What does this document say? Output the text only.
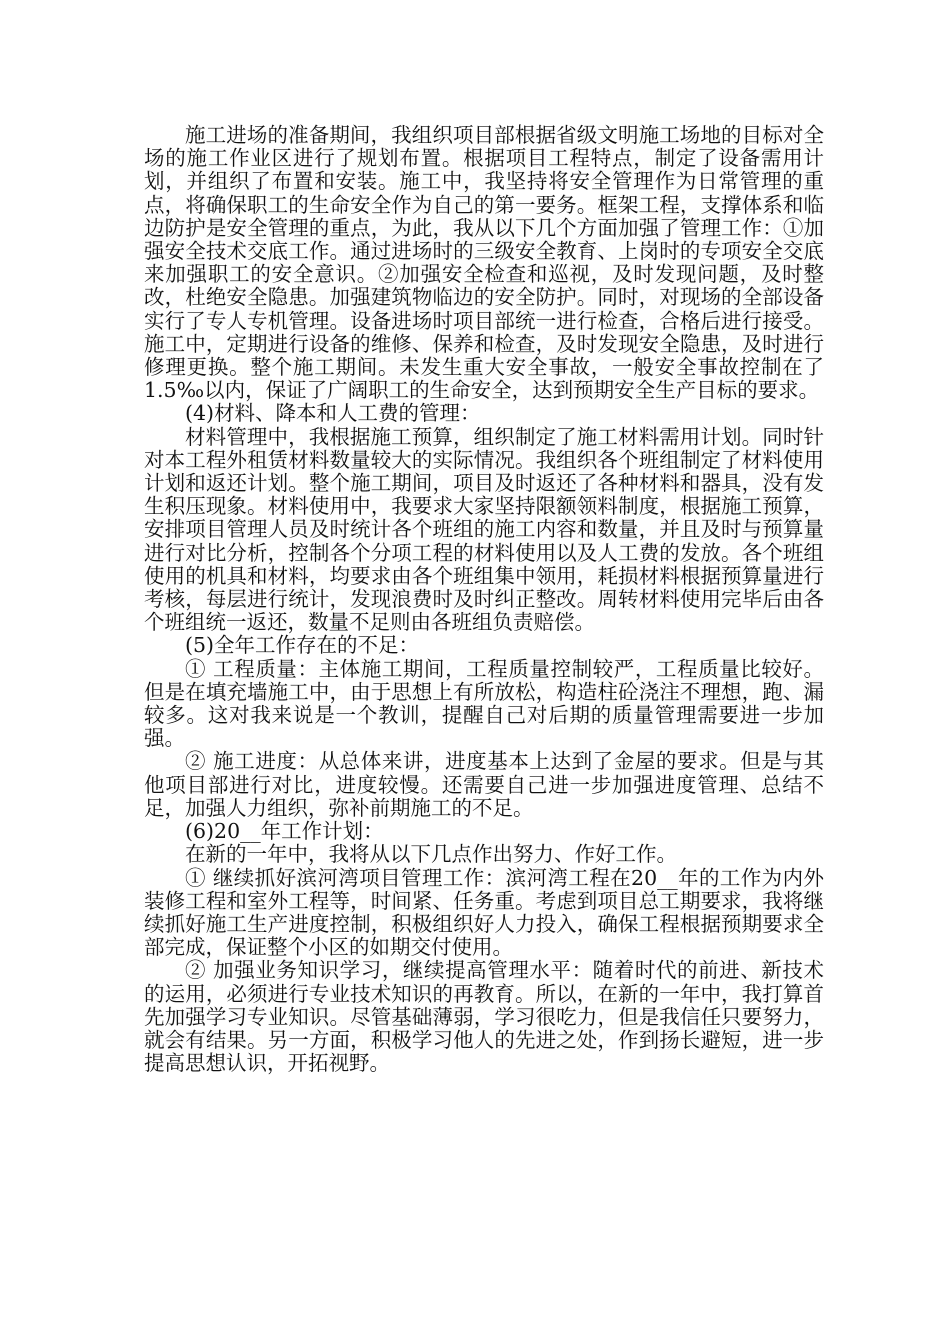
施工进场的准备期间，我组织项目部根据省级文明施工场地的目标对全场的施工作业区进行了规划布置。根据项目工程特点，制定了设备需用计划，并组织了布置和安装。施工中，我坚持将安全管理作为日常管理的重点，将确保职工的生命安全作为自己的第一要务。框架工程，支撑体系和临边防护是安全管理的重点，为此，我从以下几个方面加强了管理工作：①加强安全技术交底工作。通过进场时的三级安全教育、上岗时的专项安全交底来加强职工的安全意识。②加强安全检查和巡视，及时发现问题，及时整改，杜绝安全隐患。加强建筑物临边的安全防护。同时，对现场的全部设备实行了专人专机管理。设备进场时项目部统一进行检查，合格后进行接受。施工中，定期进行设备的维修、保养和检查，及时发现安全隐患，及时进行修理更换。整个施工期间。未发生重大安全事故，一般安全事故控制在了1.5‰以内，保证了广阔职工的生命安全，达到预期安全生产目标的要求。

(4)材料、降本和人工费的管理：

材料管理中，我根据施工预算，组织制定了施工材料需用计划。同时针对本工程外租赁材料数量较大的实际情况。我组织各个班组制定了材料使用计划和返还计划。整个施工期间，项目及时返还了各种材料和器具，没有发生积压现象。材料使用中，我要求大家坚持限额领料制度，根据施工预算，安排项目管理人员及时统计各个班组的施工内容和数量，并且及时与预算量进行对比分析，控制各个分项工程的材料使用以及人工费的发放。各个班组使用的机具和材料，均要求由各个班组集中领用，耗损材料根据预算量进行考核，每层进行统计，发现浪费时及时纠正整改。周转材料使用完毕后由各个班组统一返还，数量不足则由各班组负责赔偿。

(5)全年工作存在的不足：

① 工程质量：主体施工期间，工程质量控制较严，工程质量比较好。但是在填充墙施工中，由于思想上有所放松，构造柱砼浇注不理想，跑、漏较多。这对我来说是一个教训，提醒自己对后期的质量管理需要进一步加强。

② 施工进度：从总体来讲，进度基本上达到了金屋的要求。但是与其他项目部进行对比，进度较慢。还需要自己进一步加强进度管理、总结不足，加强人力组织，弥补前期施工的不足。

(6)20__年工作计划：

在新的一年中，我将从以下几点作出努力、作好工作。

① 继续抓好滨河湾项目管理工作：滨河湾工程在20__年的工作为内外装修工程和室外工程等，时间紧、任务重。考虑到项目总工期要求，我将继续抓好施工生产进度控制，积极组织好人力投入，确保工程根据预期要求全部完成，保证整个小区的如期交付使用。

② 加强业务知识学习，继续提高管理水平：随着时代的前进、新技术的运用，必须进行专业技术知识的再教育。所以，在新的一年中，我打算首先加强学习专业知识。尽管基础薄弱，学习很吃力，但是我信任只要努力，就会有结果。另一方面，积极学习他人的先进之处，作到扬长避短，进一步提高思想认识，开拓视野。
